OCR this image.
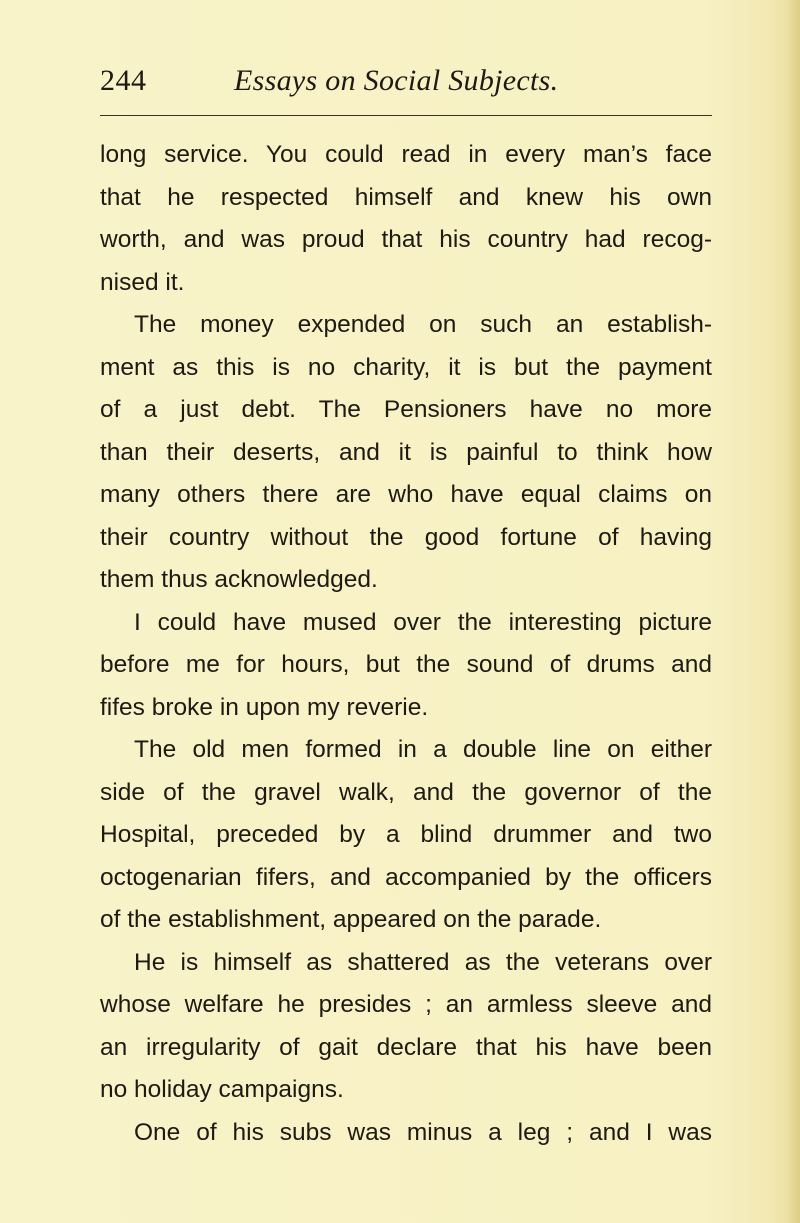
244	Essays on Social Subjects.
long service. You could read in every man’s face
that he respected himself and knew his own
worth, and was proud that his country had recog-
nised it.
The money expended on such an establish-
ment as this is no charity, it is but the payment
of a just debt. The Pensioners have no more
than their deserts, and it is painful to think how
many others there are who have equal claims on
their country without the good fortune of having
them thus acknowledged.
I could have mused over the interesting picture
before me for hours, but the sound of drums and
fifes broke in upon my reverie.
The old men formed in a double line on either
side of the gravel walk, and the governor of the
Hospital, preceded by a blind drummer and two
octogenarian fifers, and accompanied by the officers
of the establishment, appeared on the parade.
He is himself as shattered as the veterans over
whose welfare he presides ; an armless sleeve and
an irregularity of gait declare that his have been
no holiday campaigns.
One of his subs was minus a leg ; and I was
